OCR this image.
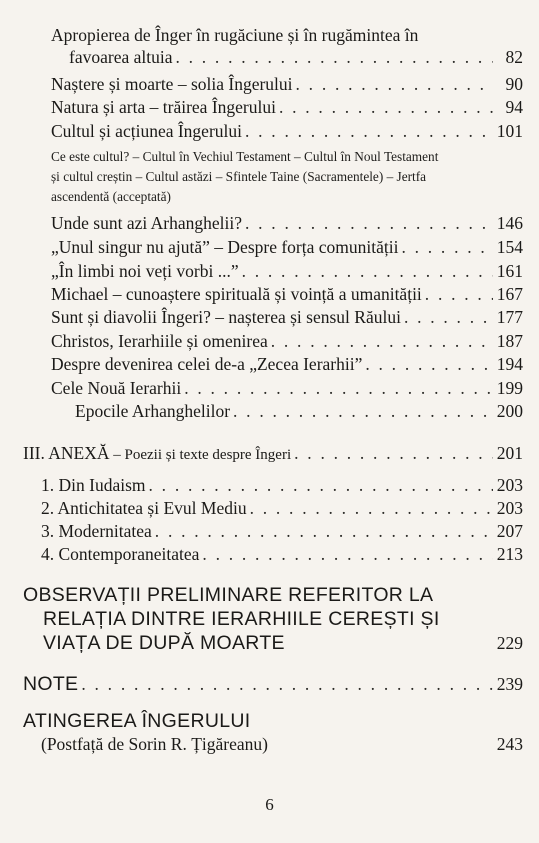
Apropierea de Înger în rugăciune și în rugămintea în
favoarea altuia . . .	82
Naștere și moarte – solia Îngerului . . .	90
Natura și arta – trăirea Îngerului . . .	94
Cultul și acțiunea Îngerului . . .	101
Ce este cultul? – Cultul în Vechiul Testament – Cultul în Noul Testament
și cultul creștin – Cultul astăzi – Sfintele Taine (Sacramentele) – Jertfa
ascendentă (acceptată)
Unde sunt azi Arhanghelii? . . .	146
„Unul singur nu ajută” – Despre forța comunității . . .	154
„În limbi noi veți vorbi ...” . . .	161
Michael – cunoaștere spirituală și voință a umanității . . .	167
Sunt și diavolii Îngeri? – nașterea și sensul Răului . . .	177
Christos, Ierarhiile și omenirea . . .	187
Despre devenirea celei de-a „Zecea Ierarhii” . . .	194
Cele Nouă Ierarhii . . .	199
Epocile Arhanghelilor . . .	200
III. ANEXĂ – Poezii și texte despre Îngeri . . .	201
1. Din Iudaism . . .	203
2. Antichitatea și Evul Mediu . . .	203
3. Modernitatea . . .	207
4. Contemporaneitatea . . .	213
OBSERVAȚII PRELIMINARE REFERITOR LA
RELAȚIA DINTRE IERARHIILE CEREȘTI ȘI
VIAȚA DE DUPĂ MOARTE	229
NOTE . . .	239
ATINGEREA ÎNGERULUI
(Postfață de Sorin R. Țigăreanu)	243
6
